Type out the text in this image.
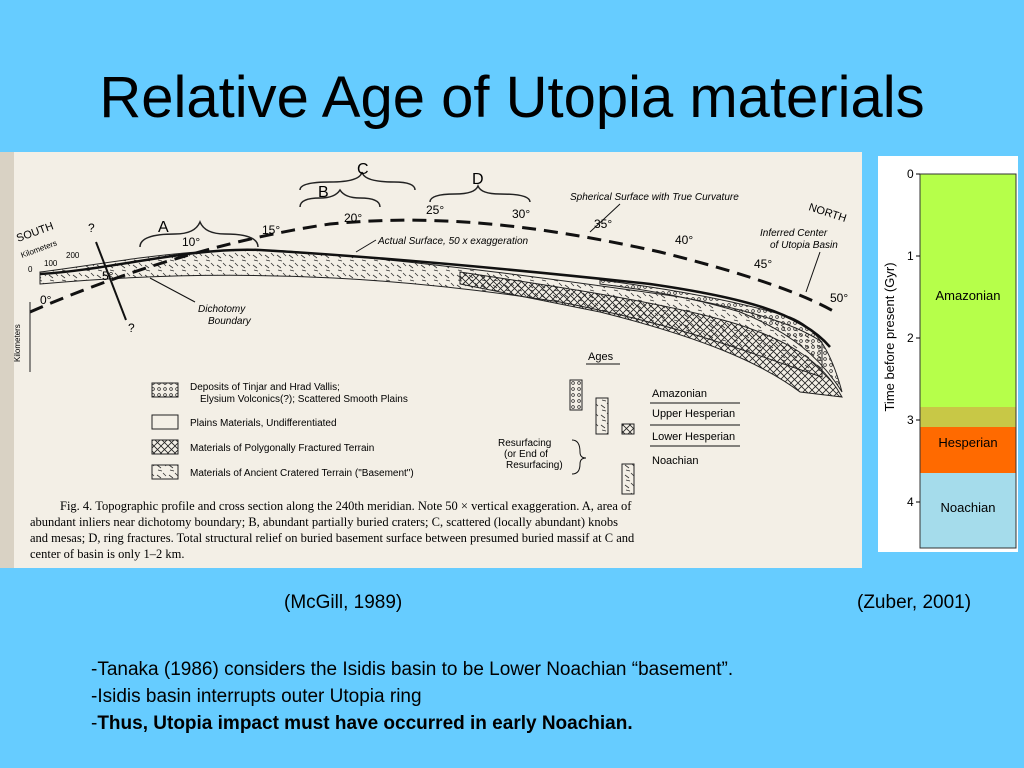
Relative Age of Utopia materials
A
B
C
D
0°
5°
10°
15°
20°
25°	30°
35°
40°
45°
50°
SOUTH
Kilometers
0
100
200
Kilometers
NORTH
?
?
Dichotomy
Boundary
Spherical Surface with True Curvature
Actual Surface, 50 x exaggeration
Inferred Center
of Utopia Basin
Deposits of Tinjar and Hrad Vallis;
Elysium Volconics(?); Scattered Smooth Plains
Plains Materials, Undifferentiated
Materials of Polygonally Fractured Terrain
Materials of Ancient Cratered Terrain ("Basement")
Ages
Amazonian
Upper Hesperian
Lower Hesperian
Noachian
Resurfacing
(or End of
Resurfacing)
Fig. 4. Topographic profile and cross section along the 240th meridian. Note 50 × vertical exaggeration. A, area of
abundant inliers near dichotomy boundary; B, abundant partially buried craters; C, scattered (locally abundant) knobs
and mesas; D, ring fractures. Total structural relief on buried basement surface between presumed buried massif at C and
center of basin is only 1–2 km.
0
1
2
3
4
Time before present (Gyr)	Amazonian
Hesperian
Noachian
(McGill, 1989)	(Zuber, 2001)
-Tanaka (1986) considers the Isidis basin to be Lower Noachian “basement”.
-Isidis basin interrupts outer Utopia ring
-Thus, Utopia impact must have occurred in early Noachian.
